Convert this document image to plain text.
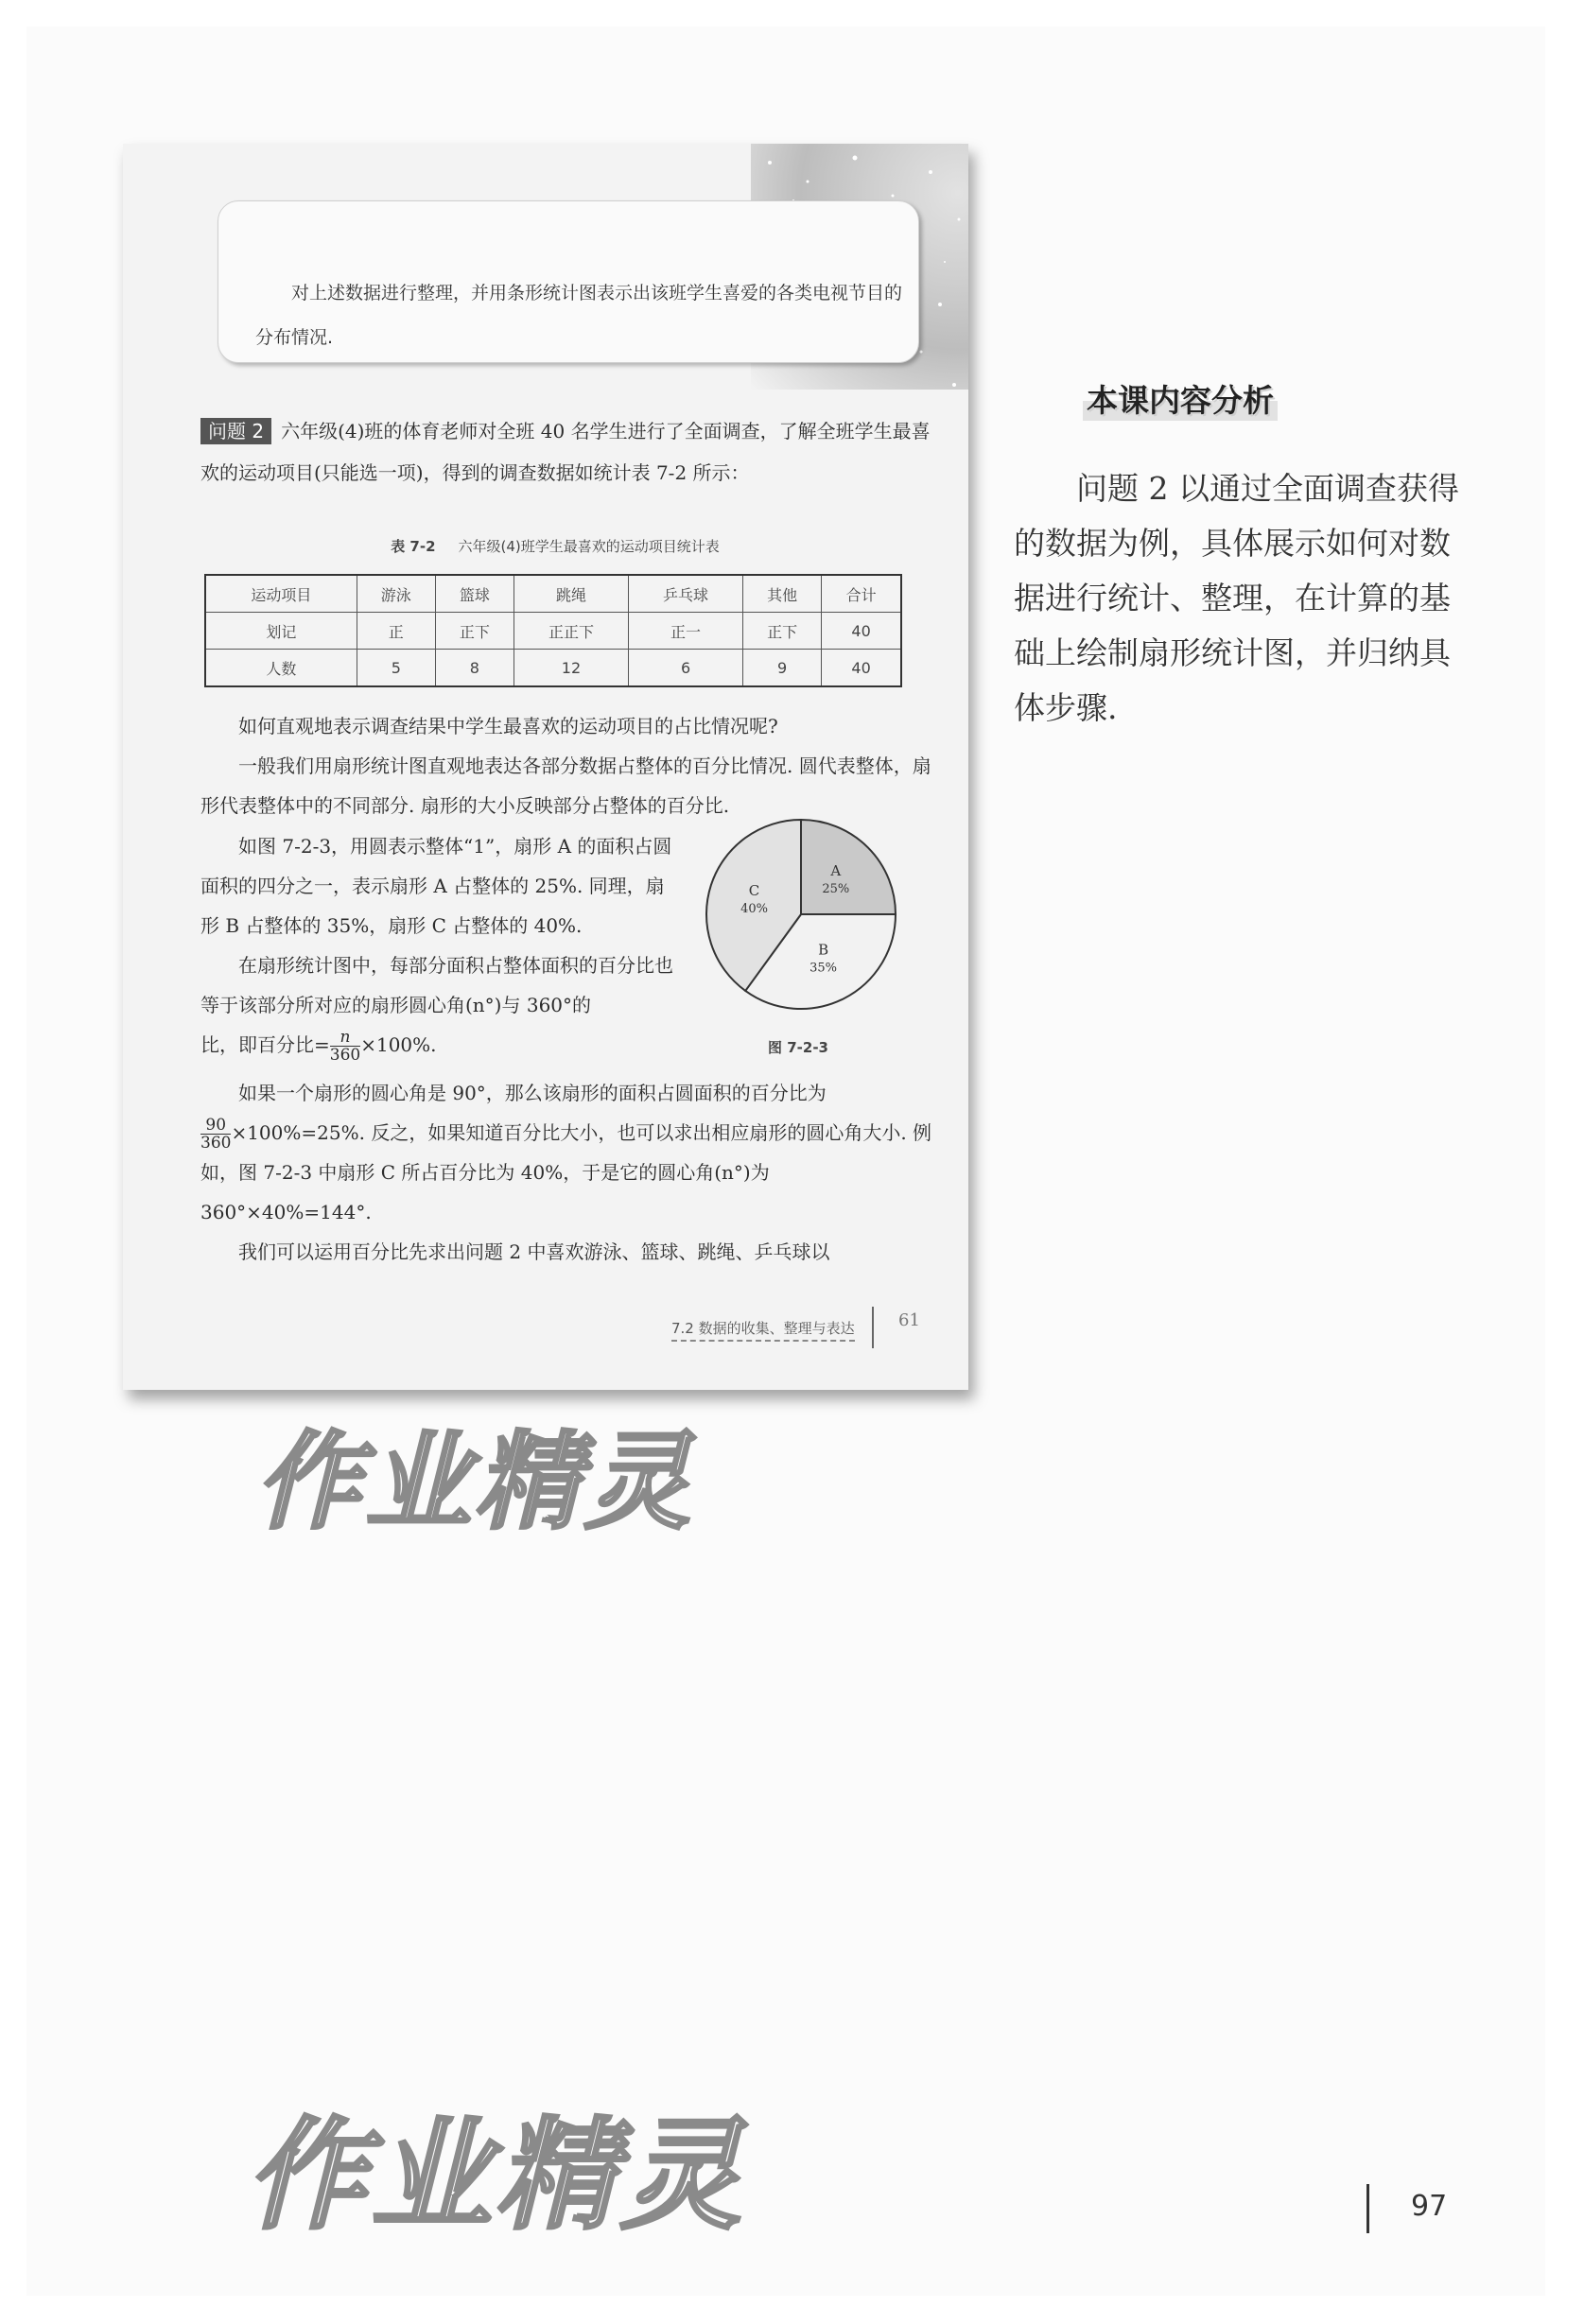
对上述数据进行整理，并用条形统计图表示出该班学生喜爱的各类电视节目的分布情况.
问题 2 六年级(4)班的体育老师对全班 40 名学生进行了全面调查，了解全班学生最喜欢的运动项目(只能选一项)，得到的调查数据如统计表 7-2 所示：
表 7-2 六年级(4)班学生最喜欢的运动项目统计表
运动项目	游泳	篮球	跳绳	乒乓球	其他	合计
划记	正	正下	正正下	正一	正下	40
人数	5	8	12	6	9	40

如何直观地表示调查结果中学生最喜欢的运动项目的占比情况呢?

一般我们用扇形统计图直观地表达各部分数据占整体的百分比情况. 圆代表整体，扇形代表整体中的不同部分. 扇形的大小反映部分占整体的百分比.

如图 7-2-3，用圆表示整体“1”，扇形 A 的面积占圆面积的四分之一，表示扇形 A 占整体的 25%. 同理，扇形 B 占整体的 35%，扇形 C 占整体的 40%.

在扇形统计图中，每部分面积占整体面积的百分比也等于该部分所对应的扇形圆心角(n°)与 360°的

比，即百分比= $\frac{n}{360} \times 100\%$.

A
25%
B
35%
C
40%
图 7-2-3

如果一个扇形的圆心角是 90°，那么该扇形的面积占圆面积的百分比为

$\frac{90}{360} \times 100\%=25\%$. 反之，如果知道百分比大小，也可以求出相应扇形的圆心角大小. 例如，图 7-2-3 中扇形 C 所占百分比为 40%，于是它的圆心角(n°)为 360°×40%=144°.

我们可以运用百分比先求出问题 2 中喜欢游泳、篮球、跳绳、乒乓球以

7.2 数据的收集、整理与表达	61
作业精灵
本课内容分析
问题 2 以通过全面调查获得的数据为例，具体展示如何对数据进行统计、整理，在计算的基础上绘制扇形统计图，并归纳具体步骤.
作业精灵	97
